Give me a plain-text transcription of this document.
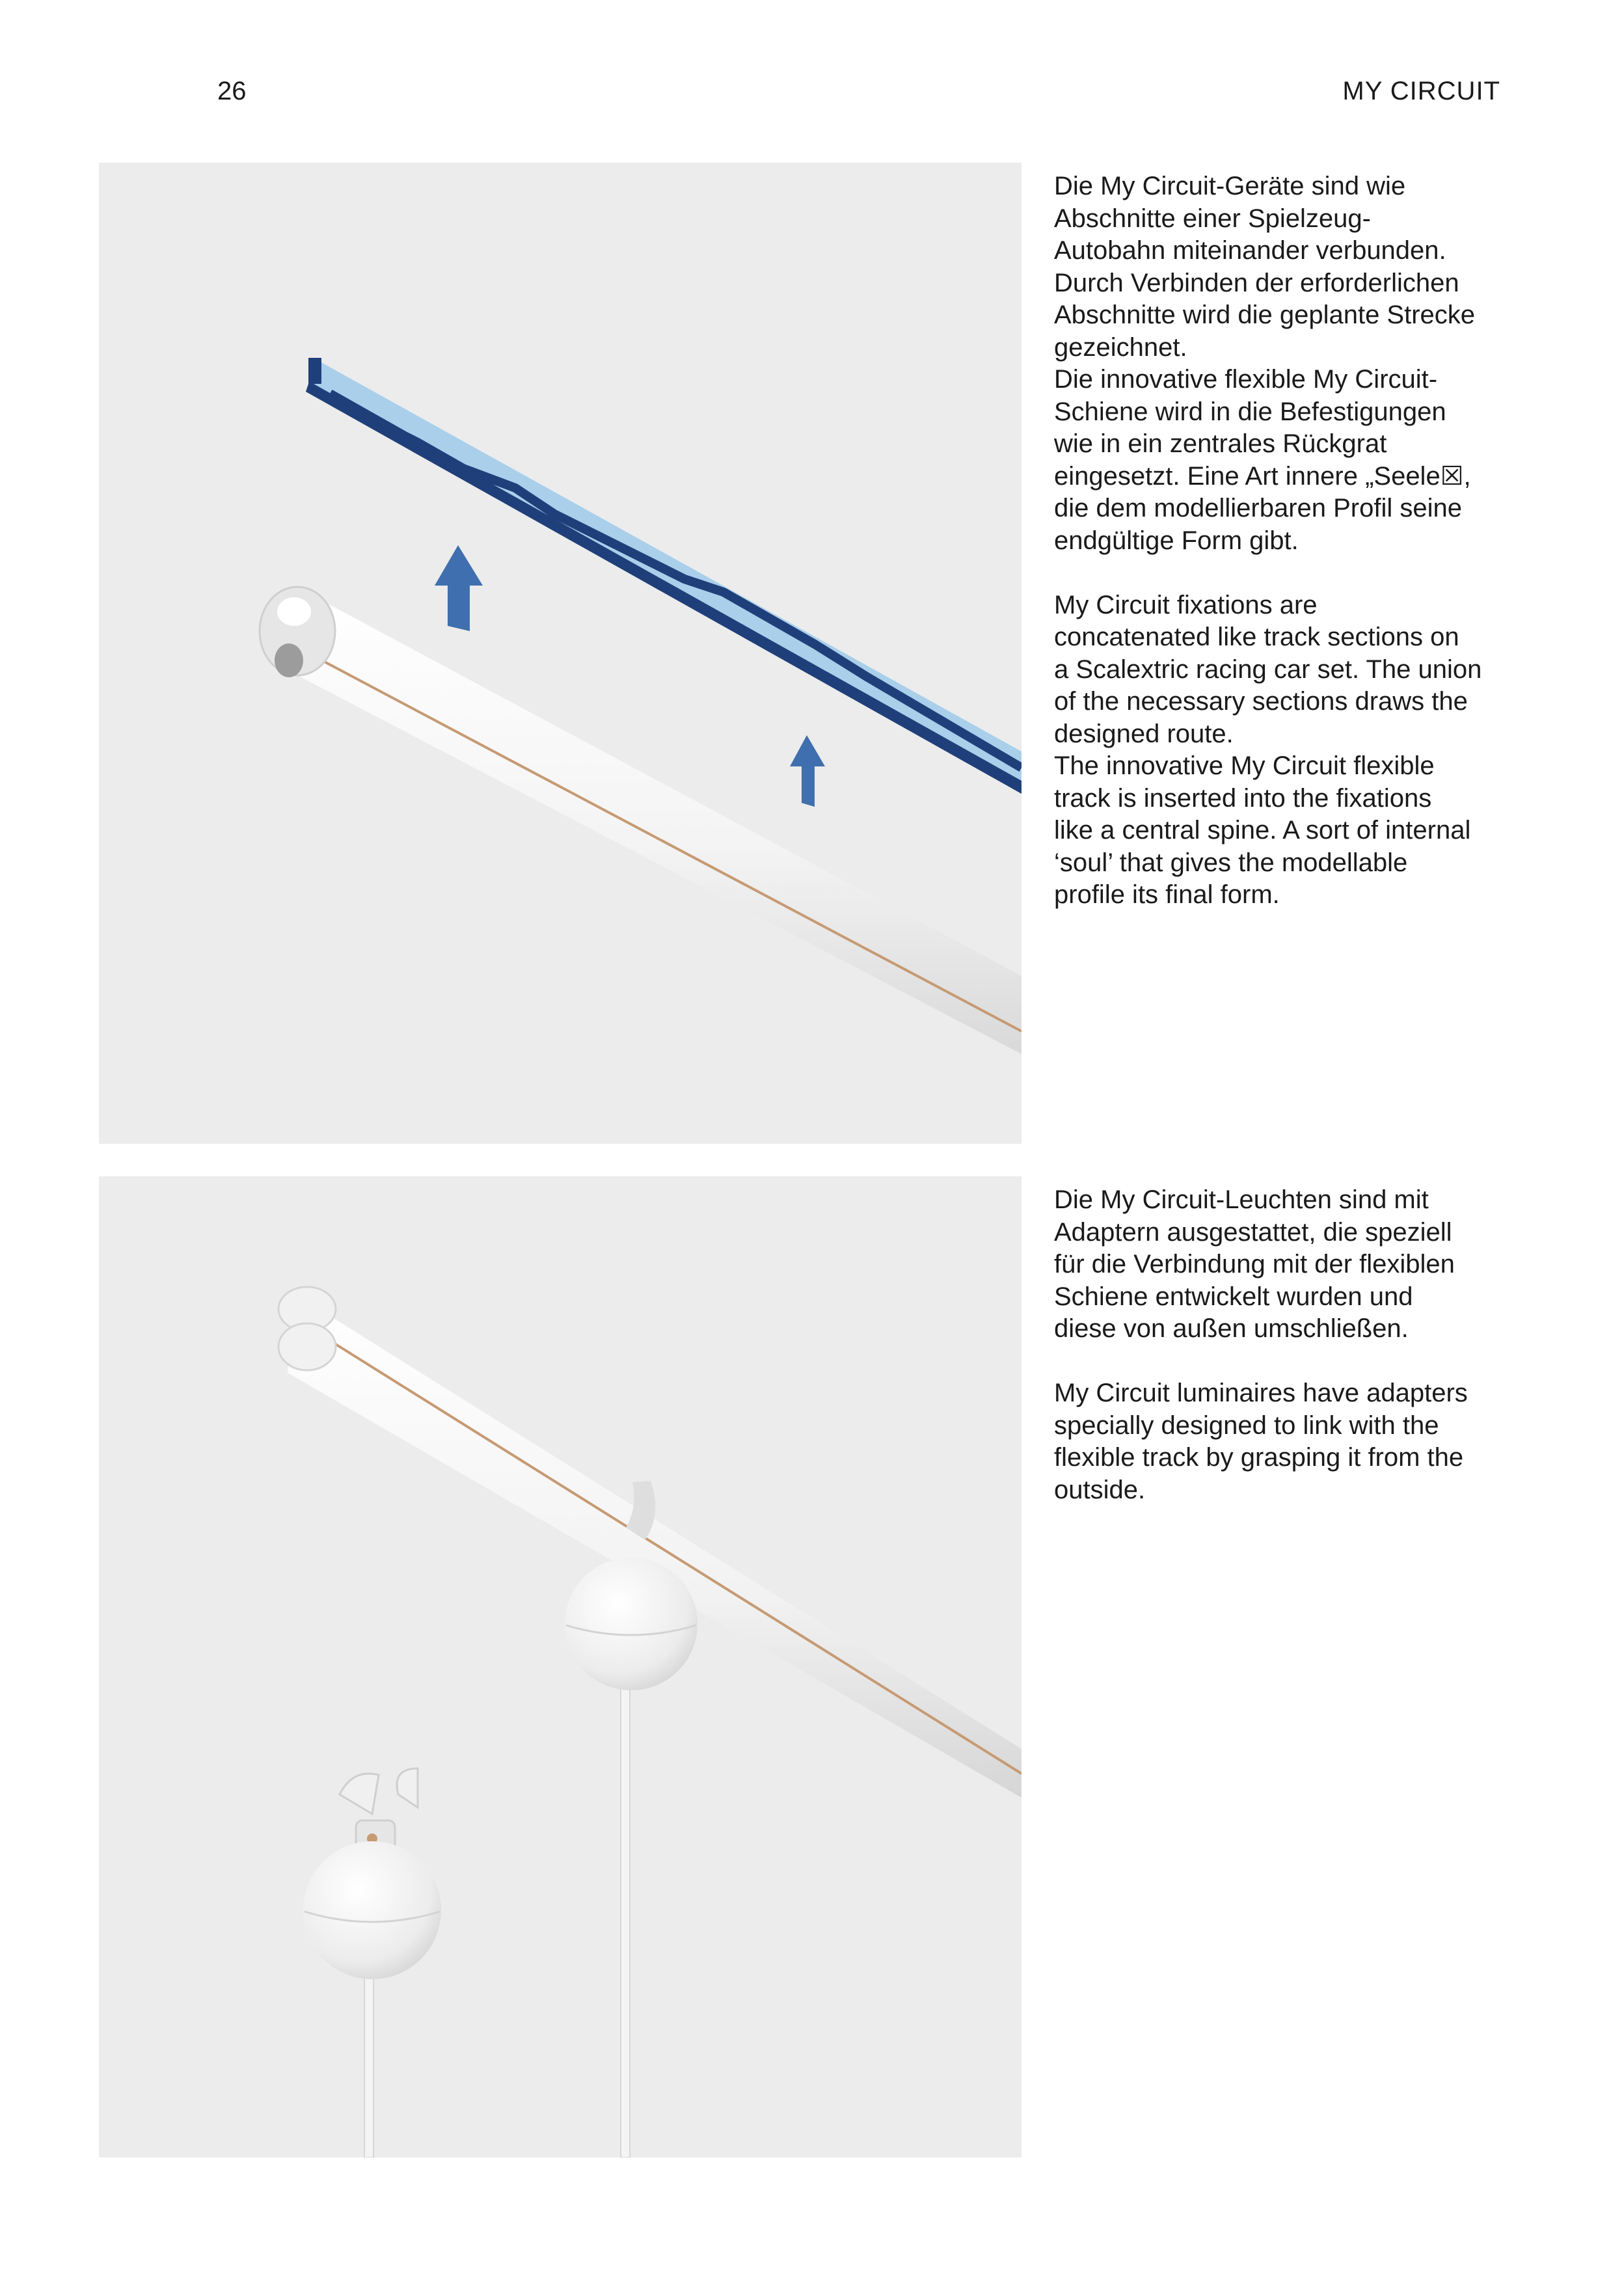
26	MY CIRCUIT

Die My Circuit-Geräte sind wie
Abschnitte einer Spielzeug-
Autobahn miteinander verbunden.
Durch Verbinden der erforderlichen
Abschnitte wird die geplante Strecke
gezeichnet.
Die innovative flexible My Circuit-
Schiene wird in die Befestigungen
wie in ein zentrales Rückgrat
eingesetzt. Eine Art innere „Seele☒,
die dem modellierbaren Profil seine
endgültige Form gibt.

My Circuit fixations are
concatenated like track sections on
a Scalextric racing car set. The union
of the necessary sections draws the
designed route.
The innovative My Circuit flexible
track is inserted into the fixations
like a central spine. A sort of internal
‘soul’ that gives the modellable
profile its final form.

Die My Circuit-Leuchten sind mit
Adaptern ausgestattet, die speziell
für die Verbindung mit der flexiblen
Schiene entwickelt wurden und
diese von außen umschließen.

My Circuit luminaires have adapters
specially designed to link with the
flexible track by grasping it from the
outside.
